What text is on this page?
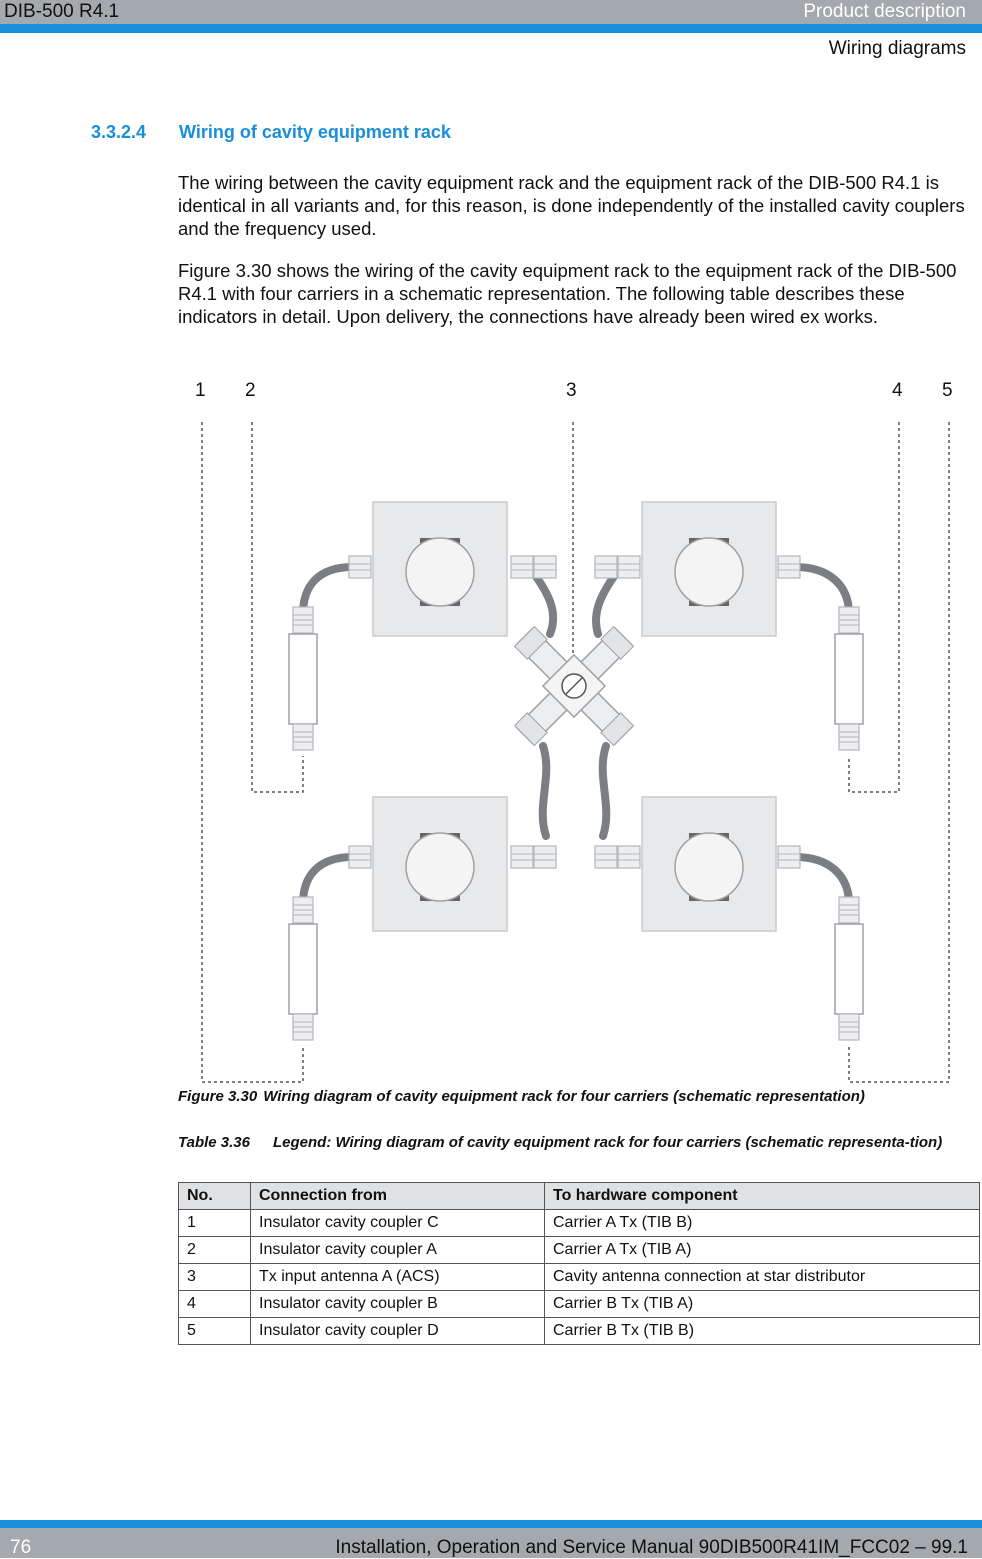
DIB-500 R4.1	Product description
Wiring diagrams
3.3.2.4 Wiring of cavity equipment rack

The wiring between the cavity equipment rack and the equipment rack of the DIB-500 R4.1 is identical in all variants and, for this reason, is done independently of the installed cavity couplers and the frequency used.

Figure 3.30 shows the wiring of the cavity equipment rack to the equipment rack of the DIB-500 R4.1 with four carriers in a schematic representation. The following table describes these indicators in detail. Upon delivery, the connections have already been wired ex works.

1 2	3	4 5
Figure 3.30 Wiring diagram of cavity equipment rack for four carriers (schematic representation)
Table 3.36 Legend: Wiring diagram of cavity equipment rack for four carriers (schematic representa-tion)
No.	Connection from	To hardware component
1	Insulator cavity coupler C	Carrier A Tx (TIB B)
2	Insulator cavity coupler A	Carrier A Tx (TIB A)
3	Tx input antenna A (ACS)	Cavity antenna connection at star distributor
4	Insulator cavity coupler B	Carrier B Tx (TIB A)
5	Insulator cavity coupler D	Carrier B Tx (TIB B)
76	Installation, Operation and Service Manual 90DIB500R41IM_FCC02 – 99.1
